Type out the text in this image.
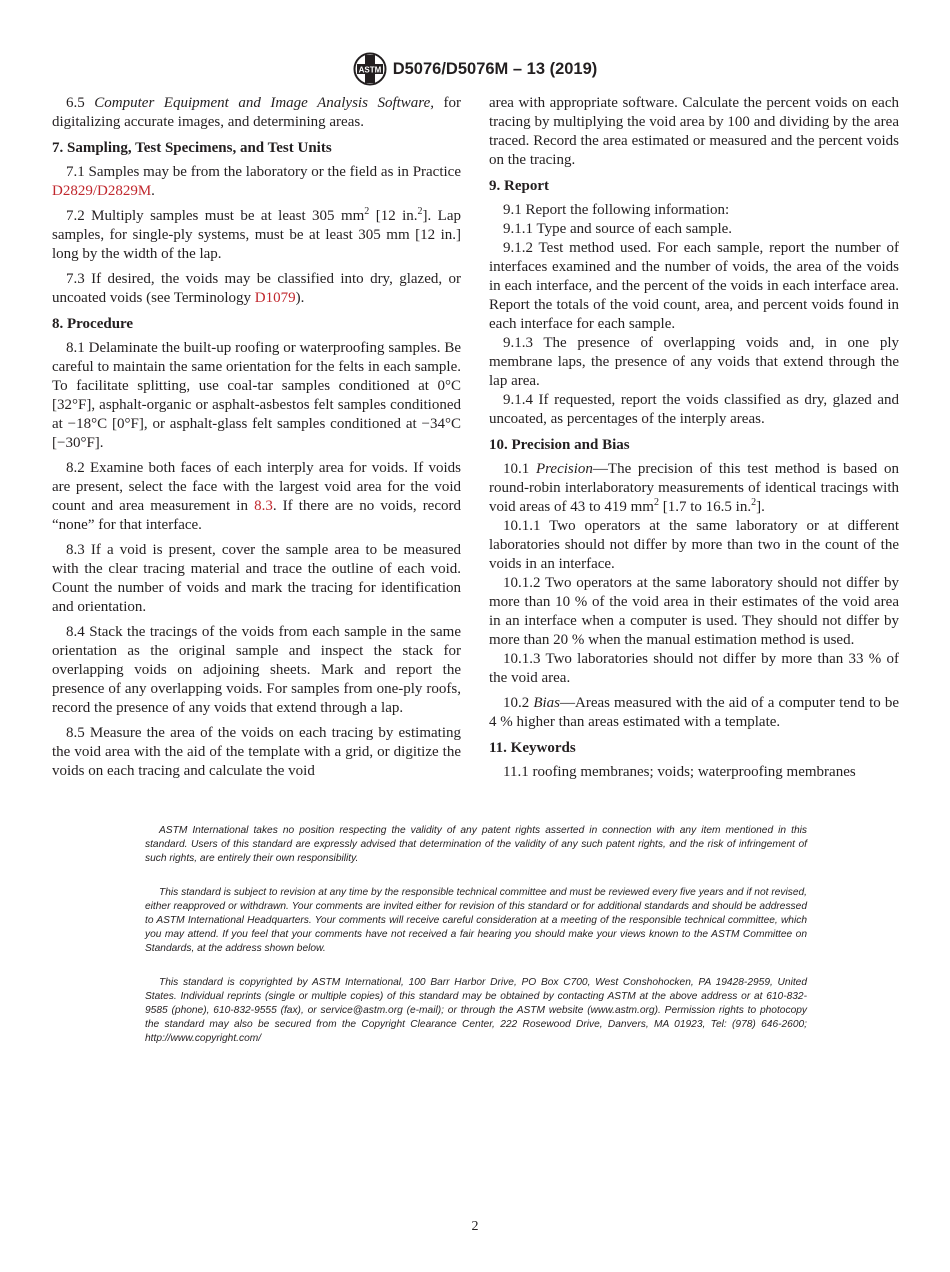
ASTM D5076/D5076M – 13 (2019)

6.5 Computer Equipment and Image Analysis Software, for digitalizing accurate images, and determining areas.

7. Sampling, Test Specimens, and Test Units

7.1 Samples may be from the laboratory or the field as in Practice D2829/D2829M.

7.2 Multiply samples must be at least 305 $mm^2$ [12 in.$^2$]. Lap samples, for single-ply systems, must be at least 305 mm [12 in.] long by the width of the lap.

7.3 If desired, the voids may be classified into dry, glazed, or uncoated voids (see Terminology D1079).

8. Procedure

8.1 Delaminate the built-up roofing or waterproofing samples. Be careful to maintain the same orientation for the felts in each sample. To facilitate splitting, use coal-tar samples conditioned at 0°C [32°F], asphalt-organic or asphalt-asbestos felt samples conditioned at −18°C [0°F], or asphalt-glass felt samples conditioned at −34°C [−30°F].

8.2 Examine both faces of each interply area for voids. If voids are present, select the face with the largest void area for the void count and area measurement in 8.3. If there are no voids, record “none” for that interface.

8.3 If a void is present, cover the sample area to be measured with the clear tracing material and trace the outline of each void. Count the number of voids and mark the tracing for identification and orientation.

8.4 Stack the tracings of the voids from each sample in the same orientation as the original sample and inspect the stack for overlapping voids on adjoining sheets. Mark and report the presence of any overlapping voids. For samples from one-ply roofs, record the presence of any voids that extend through a lap.

8.5 Measure the area of the voids on each tracing by estimating the void area with the aid of the template with a grid, or digitize the voids on each tracing and calculate the void

area with appropriate software. Calculate the percent voids on each tracing by multiplying the void area by 100 and dividing by the area traced. Record the area estimated or measured and the percent voids on the tracing.

9. Report

9.1 Report the following information:

9.1.1 Type and source of each sample.

9.1.2 Test method used. For each sample, report the number of interfaces examined and the number of voids, the area of the voids in each interface, and the percent of the voids in each interface area. Report the totals of the void count, area, and percent voids found in each interface for each sample.

9.1.3 The presence of overlapping voids and, in one ply membrane laps, the presence of any voids that extend through the lap area.

9.1.4 If requested, report the voids classified as dry, glazed and uncoated, as percentages of the interply areas.

10. Precision and Bias

10.1 Precision—The precision of this test method is based on round-robin interlaboratory measurements of identical tracings with void areas of 43 to 419 $mm^2$ [1.7 to 16.5 in.$^2$].

10.1.1 Two operators at the same laboratory or at different laboratories should not differ by more than two in the count of the voids in an interface.

10.1.2 Two operators at the same laboratory should not differ by more than 10 % of the void area in their estimates of the void area in an interface when a computer is used. They should not differ by more than 20 % when the manual estimation method is used.

10.1.3 Two laboratories should not differ by more than 33 % of the void area.

10.2 Bias—Areas measured with the aid of a computer tend to be 4 % higher than areas estimated with a template.

11. Keywords

11.1 roofing membranes; voids; waterproofing membranes

ASTM International takes no position respecting the validity of any patent rights asserted in connection with any item mentioned in this standard. Users of this standard are expressly advised that determination of the validity of any such patent rights, and the risk of infringement of such rights, are entirely their own responsibility.

This standard is subject to revision at any time by the responsible technical committee and must be reviewed every five years and if not revised, either reapproved or withdrawn. Your comments are invited either for revision of this standard or for additional standards and should be addressed to ASTM International Headquarters. Your comments will receive careful consideration at a meeting of the responsible technical committee, which you may attend. If you feel that your comments have not received a fair hearing you should make your views known to the ASTM Committee on Standards, at the address shown below.

This standard is copyrighted by ASTM International, 100 Barr Harbor Drive, PO Box C700, West Conshohocken, PA 19428-2959, United States. Individual reprints (single or multiple copies) of this standard may be obtained by contacting ASTM at the above address or at 610-832-9585 (phone), 610-832-9555 (fax), or service@astm.org (e-mail); or through the ASTM website (www.astm.org). Permission rights to photocopy the standard may also be secured from the Copyright Clearance Center, 222 Rosewood Drive, Danvers, MA 01923, Tel: (978) 646-2600; http://www.copyright.com/

2
